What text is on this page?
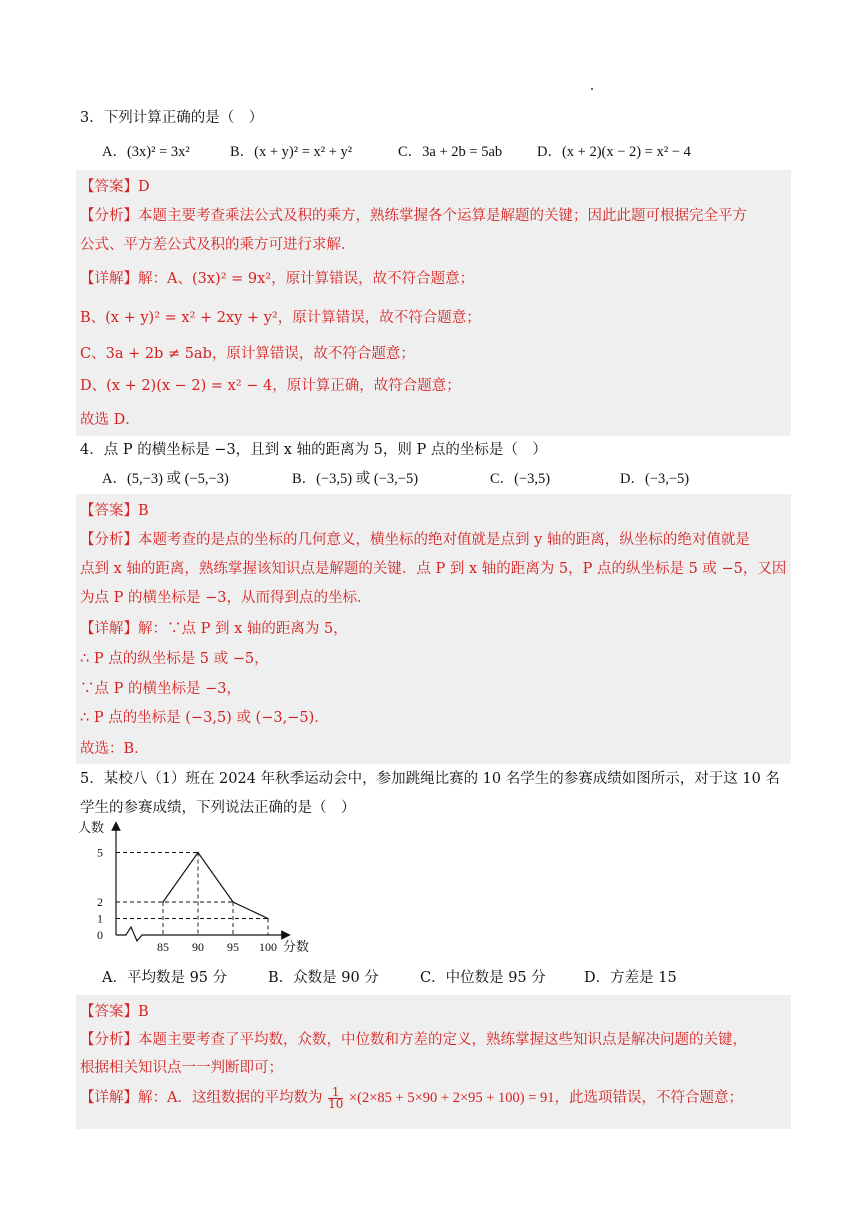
3．下列计算正确的是（　）
A．(3x)² = 3x²	B．(x + y)² = x² + y²	C．3a + 2b = 5ab D．(x + 2)(x − 2) = x² − 4
【答案】D
【分析】本题主要考查乘法公式及积的乘方，熟练掌握各个运算是解题的关键；因此此题可根据完全平方
公式、平方差公式及积的乘方可进行求解．
【详解】解：A、(3x)² = 9x²，原计算错误，故不符合题意；
B、(x + y)² = x² + 2xy + y²，原计算错误，故不符合题意；
C、3a + 2b ≠ 5ab，原计算错误，故不符合题意；
D、(x + 2)(x − 2) = x² − 4，原计算正确，故符合题意；
故选 D．
4．点 P 的横坐标是 −3，且到 x 轴的距离为 5，则 P 点的坐标是（　）
A．(5,−3) 或 (−5,−3)	B．(−3,5) 或 (−3,−5)	C．(−3,5)	D．(−3,−5)
【答案】B
【分析】本题考查的是点的坐标的几何意义，横坐标的绝对值就是点到 y 轴的距离，纵坐标的绝对值就是
点到 x 轴的距离，熟练掌握该知识点是解题的关键．点 P 到 x 轴的距离为 5，P 点的纵坐标是 5 或 −5，又因
为点 P 的横坐标是 −3，从而得到点的坐标．
【详解】解：∵点 P 到 x 轴的距离为 5，
∴ P 点的纵坐标是 5 或 −5，
∵点 P 的横坐标是 −3，
∴ P 点的坐标是 (−3,5) 或 (−3,−5)．
故选：B．
5．某校八（1）班在 2024 年秋季运动会中，参加跳绳比赛的 10 名学生的参赛成绩如图所示，对于这 10 名
学生的参赛成绩，下列说法正确的是（　）
0
1
2
5
85 90 95 100
人数
分数
A．平均数是 95 分	B．众数是 90 分	C．中位数是 95 分	D．方差是 15
【答案】B
【分析】本题主要考查了平均数，众数，中位数和方差的定义，熟练掌握这些知识点是解决问题的关键，
根据相关知识点一一判断即可；
【详解】解：A．这组数据的平均数为 $\frac{1}{10} \times(2\times 85 + 5\times 90 + 2\times 95 + 100) = 91$，此选项错误，不符合题意；
